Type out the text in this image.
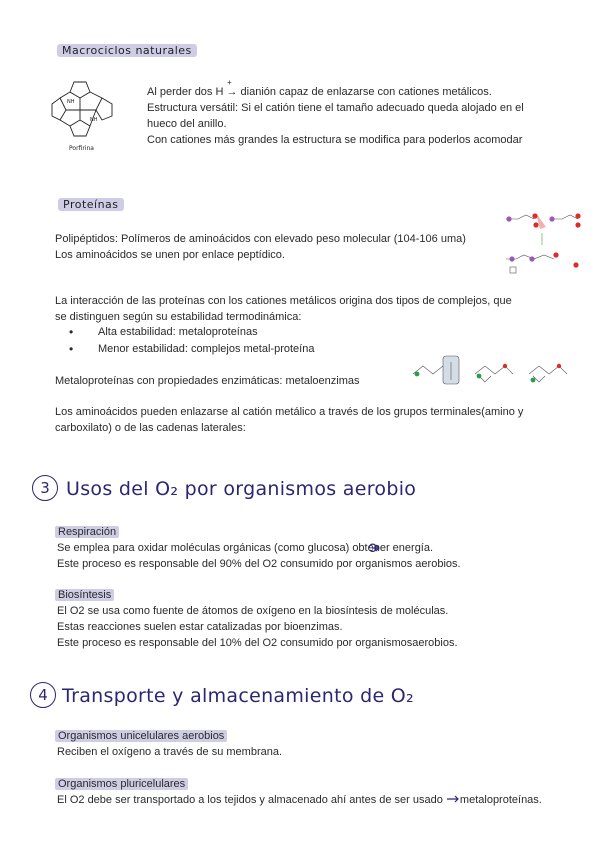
Macrociclos naturales
NH
NH
Porfirina
Al perder dos H → dianión capaz de enlazarse con cationes metálicos.
+
Estructura versátil: Si el catión tiene el tamaño adecuado queda alojado en el
hueco del anillo.
Con cationes más grandes la estructura se modifica para poderlos acomodar
Proteínas
Polipéptidos: Polímeros de aminoácidos con elevado peso molecular (104-106 uma)
Los aminoácidos se unen por enlace peptídico.
La interacción de las proteínas con los cationes metálicos origina dos tipos de complejos, que
se distinguen según su estabilidad termodinámica:
• Alta estabilidad: metaloproteínas
• Menor estabilidad: complejos metal-proteína
Metaloproteínas con propiedades enzimáticas: metaloenzimas
Los aminoácidos pueden enlazarse al catión metálico a través de los grupos terminales(amino y
carboxilato) o de las cadenas laterales:
3 Usos del O₂ por organismos aerobio
Respiración
Se emplea para oxidar moléculas orgánicas (como glucosa) obtener energía.
Este proceso es responsable del 90% del O2 consumido por organismos aerobios.
Biosíntesis
El O2 se usa como fuente de átomos de oxígeno en la biosíntesis de moléculas.
Estas reacciones suelen estar catalizadas por bioenzimas.
Este proceso es responsable del 10% del O2 consumido por organismosaerobios.
4 Transporte y almacenamiento de O₂
Organismos unicelulares aerobios
Reciben el oxígeno a través de su membrana.
Organismos pluricelulares
El O2 debe ser transportado a los tejidos y almacenado ahí antes de ser usado metaloproteínas.
